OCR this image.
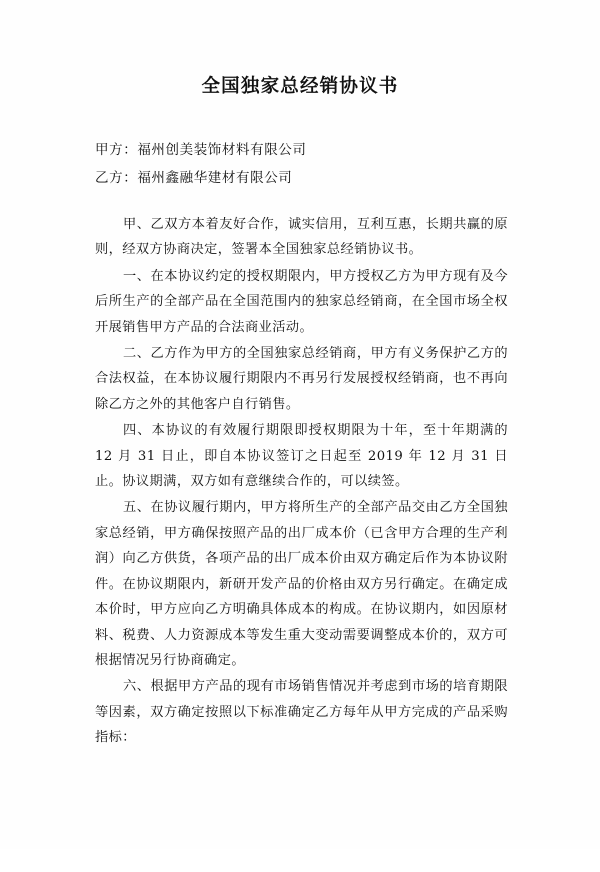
全国独家总经销协议书
甲方：福州创美装饰材料有限公司
乙方：福州鑫融华建材有限公司

甲、乙双方本着友好合作，诚实信用，互利互惠，长期共赢的原则，经双方协商决定，签署本全国独家总经销协议书。

一、在本协议约定的授权期限内，甲方授权乙方为甲方现有及今后所生产的全部产品在全国范围内的独家总经销商，在全国市场全权开展销售甲方产品的合法商业活动。

二、乙方作为甲方的全国独家总经销商，甲方有义务保护乙方的合法权益，在本协议履行期限内不再另行发展授权经销商，也不再向除乙方之外的其他客户自行销售。

四、本协议的有效履行期限即授权期限为十年，至十年期满的 12 月 31 日止，即自本协议签订之日起至 2019 年 12 月 31 日止。协议期满，双方如有意继续合作的，可以续签。

五、在协议履行期内，甲方将所生产的全部产品交由乙方全国独家总经销，甲方确保按照产品的出厂成本价（已含甲方合理的生产利润）向乙方供货，各项产品的出厂成本价由双方确定后作为本协议附件。在协议期限内，新研开发产品的价格由双方另行确定。在确定成本价时，甲方应向乙方明确具体成本的构成。在协议期内，如因原材料、税费、人力资源成本等发生重大变动需要调整成本价的，双方可根据情况另行协商确定。

六、根据甲方产品的现有市场销售情况并考虑到市场的培育期限等因素，双方确定按照以下标准确定乙方每年从甲方完成的产品采购指标：
